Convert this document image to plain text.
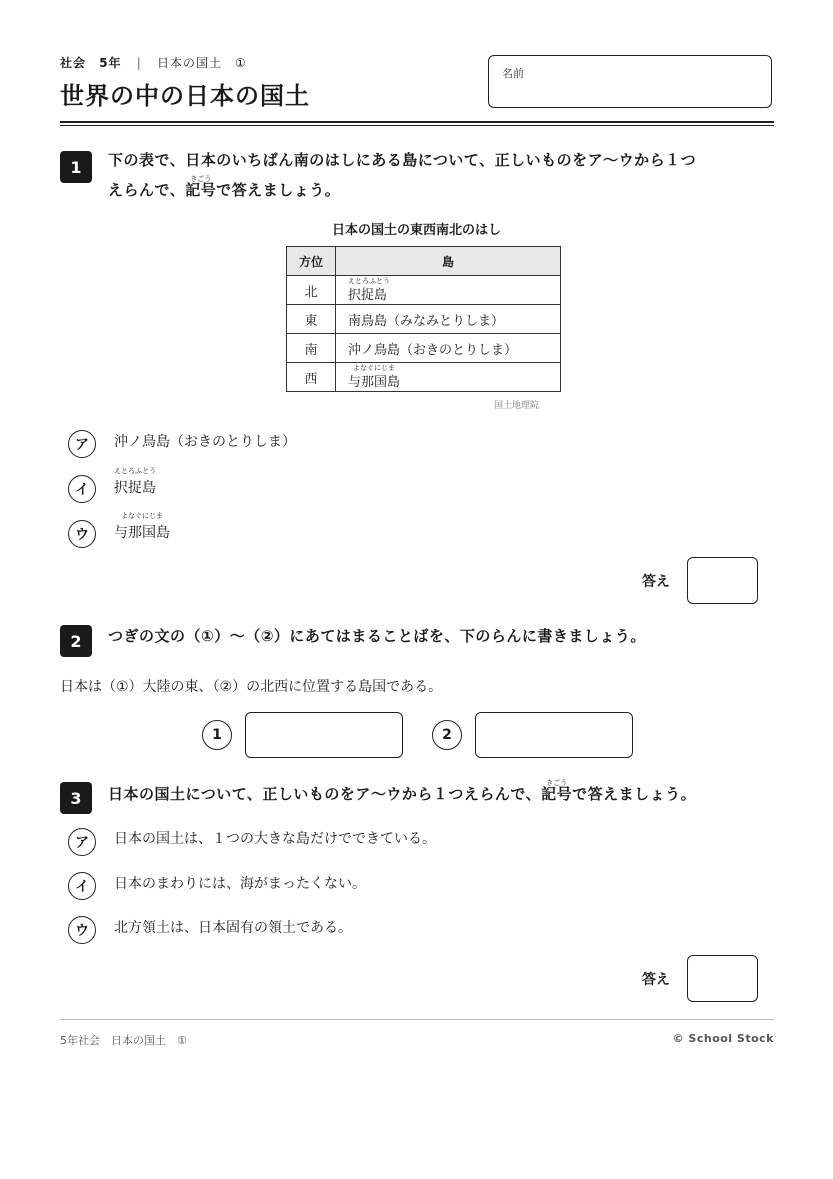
社会 5年 | 日本の国土　①
世界の中の日本の国土
名前
1	下の表で、日本のいちばん南のはしにある島について、正しいものをア～ウから１つ
えらんで、記号
きごう
で答えましょう。
日本の国土の東西南北のはし
方位	島
北	択捉島
えとろふとう

東	南鳥島（みなみとりしま）
南	沖ノ鳥島（おきのとりしま）
西	与那国島
よなぐにじま
国土地理院
ア	沖ノ鳥島（おきのとりしま）
イ	択捉島
えとろふとう
ウ	与那国島
よなぐにじま
答え
2	つぎの文の（①）～（②）にあてはまることばを、下のらんに書きましょう。
日本は（①）大陸の東、（②）の北西に位置する島国である。
1	2
3	日本の国土について、正しいものをア～ウから１つえらんで、記号
きごう
で答えましょう。
ア	日本の国土は、１つの大きな島だけでできている。
イ	日本のまわりには、海がまったくない。
ウ	北方領土は、日本固有の領土である。
答え
5年社会　日本の国土　①	© School Stock
